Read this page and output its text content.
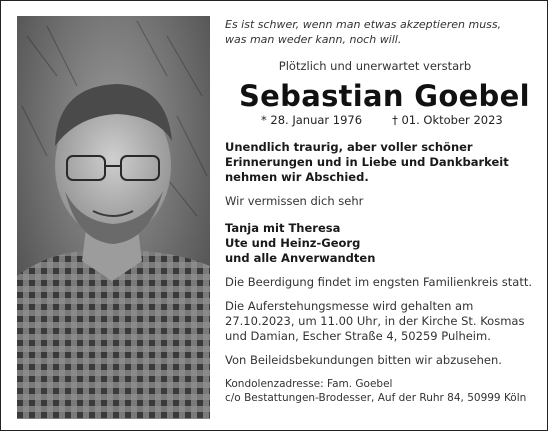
Es ist schwer, wenn man etwas akzeptieren muss,
was man weder kann, noch will.

Plötzlich und unerwartet verstarb
Sebastian Goebel
* 28. Januar 1976	† 01. Oktober 2023
Unendlich traurig, aber voller schöner
Erinnerungen und in Liebe und Dankbarkeit
nehmen wir Abschied.
Wir vermissen dich sehr
Tanja mit Theresa
Ute und Heinz-Georg
und alle Anverwandten
Die Beerdigung findet im engsten Familienkreis statt.
Die Auferstehungsmesse wird gehalten am
27.10.2023, um 11.00 Uhr, in der Kirche St. Kosmas
und Damian, Escher Straße 4, 50259 Pulheim.
Von Beileidsbekundungen bitten wir abzusehen.
Kondolenzadresse: Fam. Goebel
c/o Bestattungen-Brodesser, Auf der Ruhr 84, 50999 Köln
